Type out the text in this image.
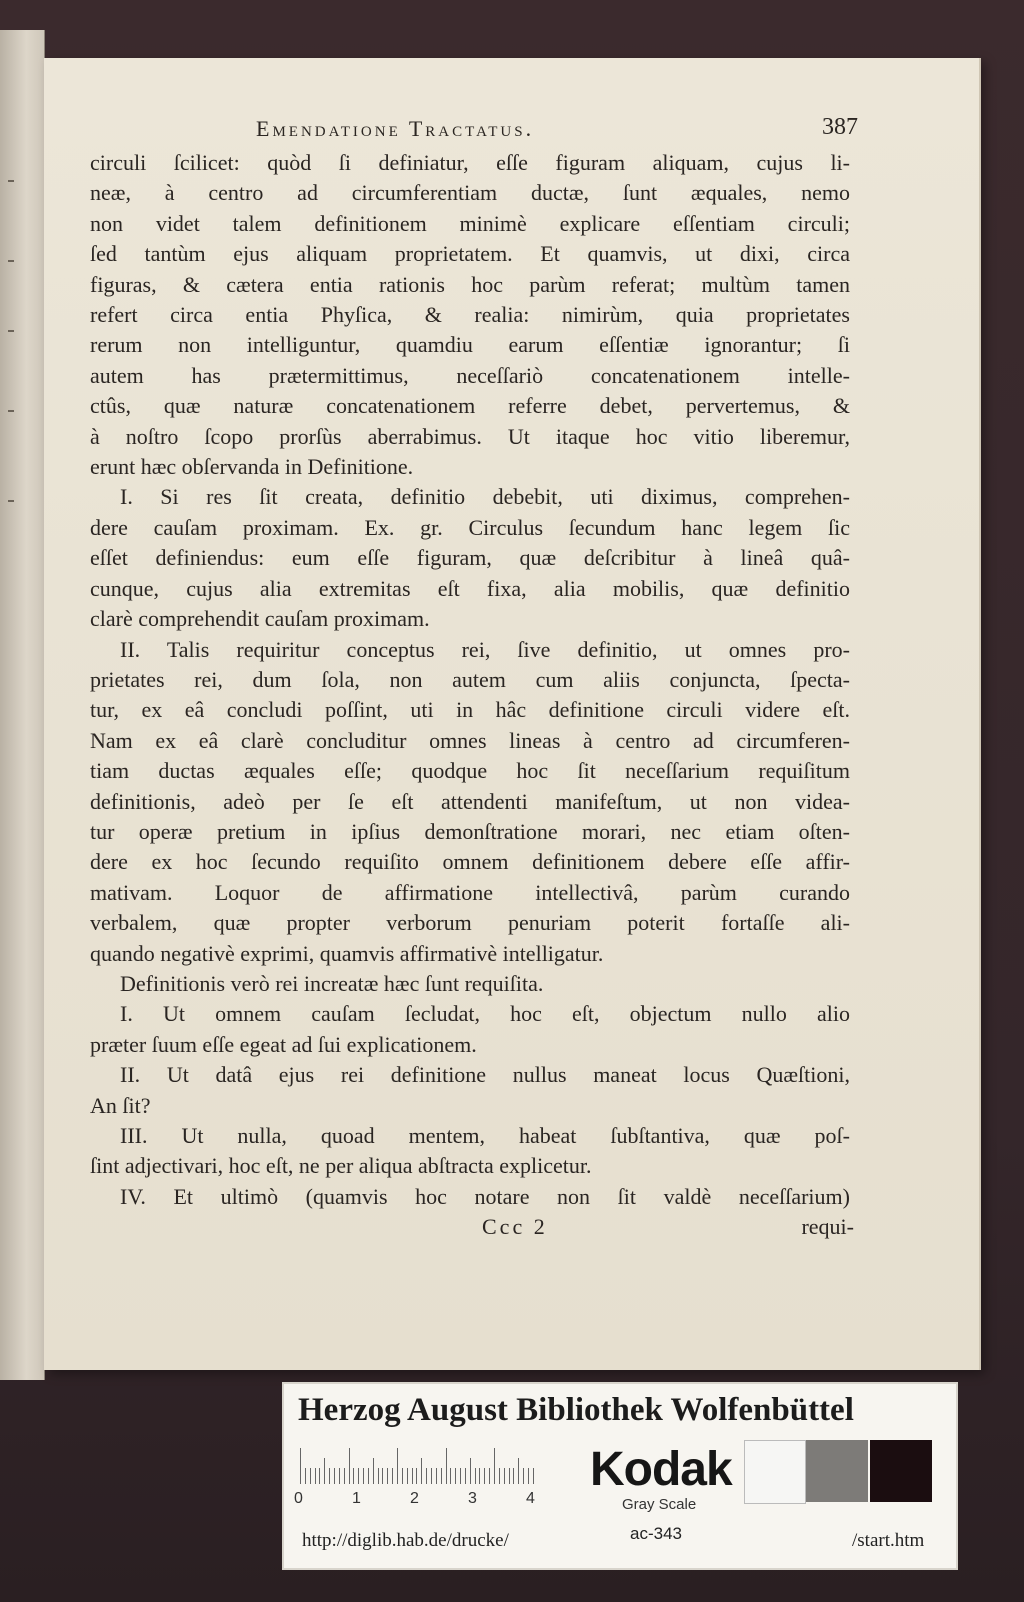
Emendatione Tractatus.	387
circuli ſcilicet: quòd ſi definiatur, eſſe figuram aliquam, cujus li-
neæ, à centro ad circumferentiam ductæ, ſunt æquales, nemo
non videt talem definitionem minimè explicare eſſentiam circuli;
ſed tantùm ejus aliquam proprietatem. Et quamvis, ut dixi, circa
figuras, & cætera entia rationis hoc parùm referat; multùm tamen
refert circa entia Phyſica, & realia: nimirùm, quia proprietates
rerum non intelliguntur, quamdiu earum eſſentiæ ignorantur; ſi
autem has prætermittimus, neceſſariò concatenationem intelle-
ctûs, quæ naturæ concatenationem referre debet, pervertemus, &
à noſtro ſcopo prorſùs aberrabimus. Ut itaque hoc vitio liberemur,
erunt hæc obſervanda in Definitione.
I. Si res ſit creata, definitio debebit, uti diximus, comprehen-
dere cauſam proximam. Ex. gr. Circulus ſecundum hanc legem ſic
eſſet definiendus: eum eſſe figuram, quæ deſcribitur à lineâ quâ-
cunque, cujus alia extremitas eſt fixa, alia mobilis, quæ definitio
clarè comprehendit cauſam proximam.
II. Talis requiritur conceptus rei, ſive definitio, ut omnes pro-
prietates rei, dum ſola, non autem cum aliis conjuncta, ſpecta-
tur, ex eâ concludi poſſint, uti in hâc definitione circuli videre eſt.
Nam ex eâ clarè concluditur omnes lineas à centro ad circumferen-
tiam ductas æquales eſſe; quodque hoc ſit neceſſarium requiſitum
definitionis, adeò per ſe eſt attendenti manifeſtum, ut non videa-
tur operæ pretium in ipſius demonſtratione morari, nec etiam oſten-
dere ex hoc ſecundo requiſito omnem definitionem debere eſſe affir-
mativam. Loquor de affirmatione intellectivâ, parùm curando
verbalem, quæ propter verborum penuriam poterit fortaſſe ali-
quando negativè exprimi, quamvis affirmativè intelligatur.
Definitionis verò rei increatæ hæc ſunt requiſita.
I. Ut omnem cauſam ſecludat, hoc eſt, objectum nullo alio
præter ſuum eſſe egeat ad ſui explicationem.
II. Ut datâ ejus rei definitione nullus maneat locus Quæſtioni,
An ſit?
III. Ut nulla, quoad mentem, habeat ſubſtantiva, quæ poſ-
ſint adjectivari, hoc eſt, ne per aliqua abſtracta explicetur.
IV. Et ultimò (quamvis hoc notare non ſit valdè neceſſarium)
Ccc 2	requi-
Herzog August Bibliothek Wolfenbüttel
0	1	2	3	4
Kodak
Gray Scale
http://diglib.hab.de/drucke/	ac-343	/start.htm
